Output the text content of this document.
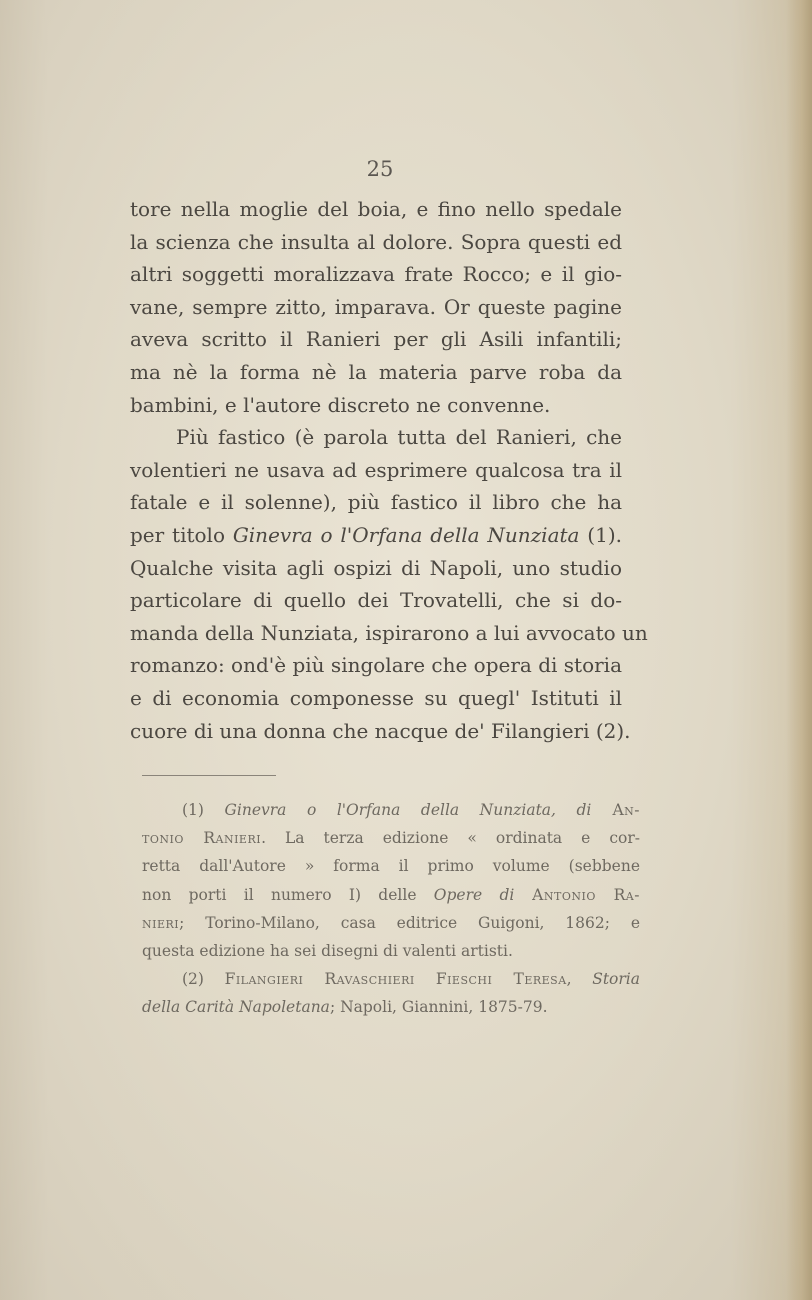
25
tore nella moglie del boia, e fino nello spedale
la scienza che insulta al dolore. Sopra questi ed
altri soggetti moralizzava frate Rocco; e il gio-
vane, sempre zitto, imparava. Or queste pagine
aveva scritto il Ranieri per gli Asili infantili;
ma nè la forma nè la materia parve roba da
bambini, e l'autore discreto ne convenne.
Più fastico (è parola tutta del Ranieri, che
volentieri ne usava ad esprimere qualcosa tra il
fatale e il solenne), più fastico il libro che ha
per titolo Ginevra o l'Orfana della Nunziata (1).
Qualche visita agli ospizi di Napoli, uno studio
particolare di quello dei Trovatelli, che si do-
manda della Nunziata, ispirarono a lui avvocato un
romanzo: ond'è più singolare che opera di storia
e di economia componesse su quegl' Istituti il
cuore di una donna che nacque de' Filangieri (2).
(1) Ginevra o l'Orfana della Nunziata, di An-
tonio Ranieri. La terza edizione « ordinata e cor-
retta dall'Autore » forma il primo volume (sebbene
non porti il numero I) delle Opere di Antonio Ra-
nieri; Torino-Milano, casa editrice Guigoni, 1862; e
questa edizione ha sei disegni di valenti artisti.
(2) Filangieri Ravaschieri Fieschi Teresa, Storia
della Carità Napoletana; Napoli, Giannini, 1875-79.
